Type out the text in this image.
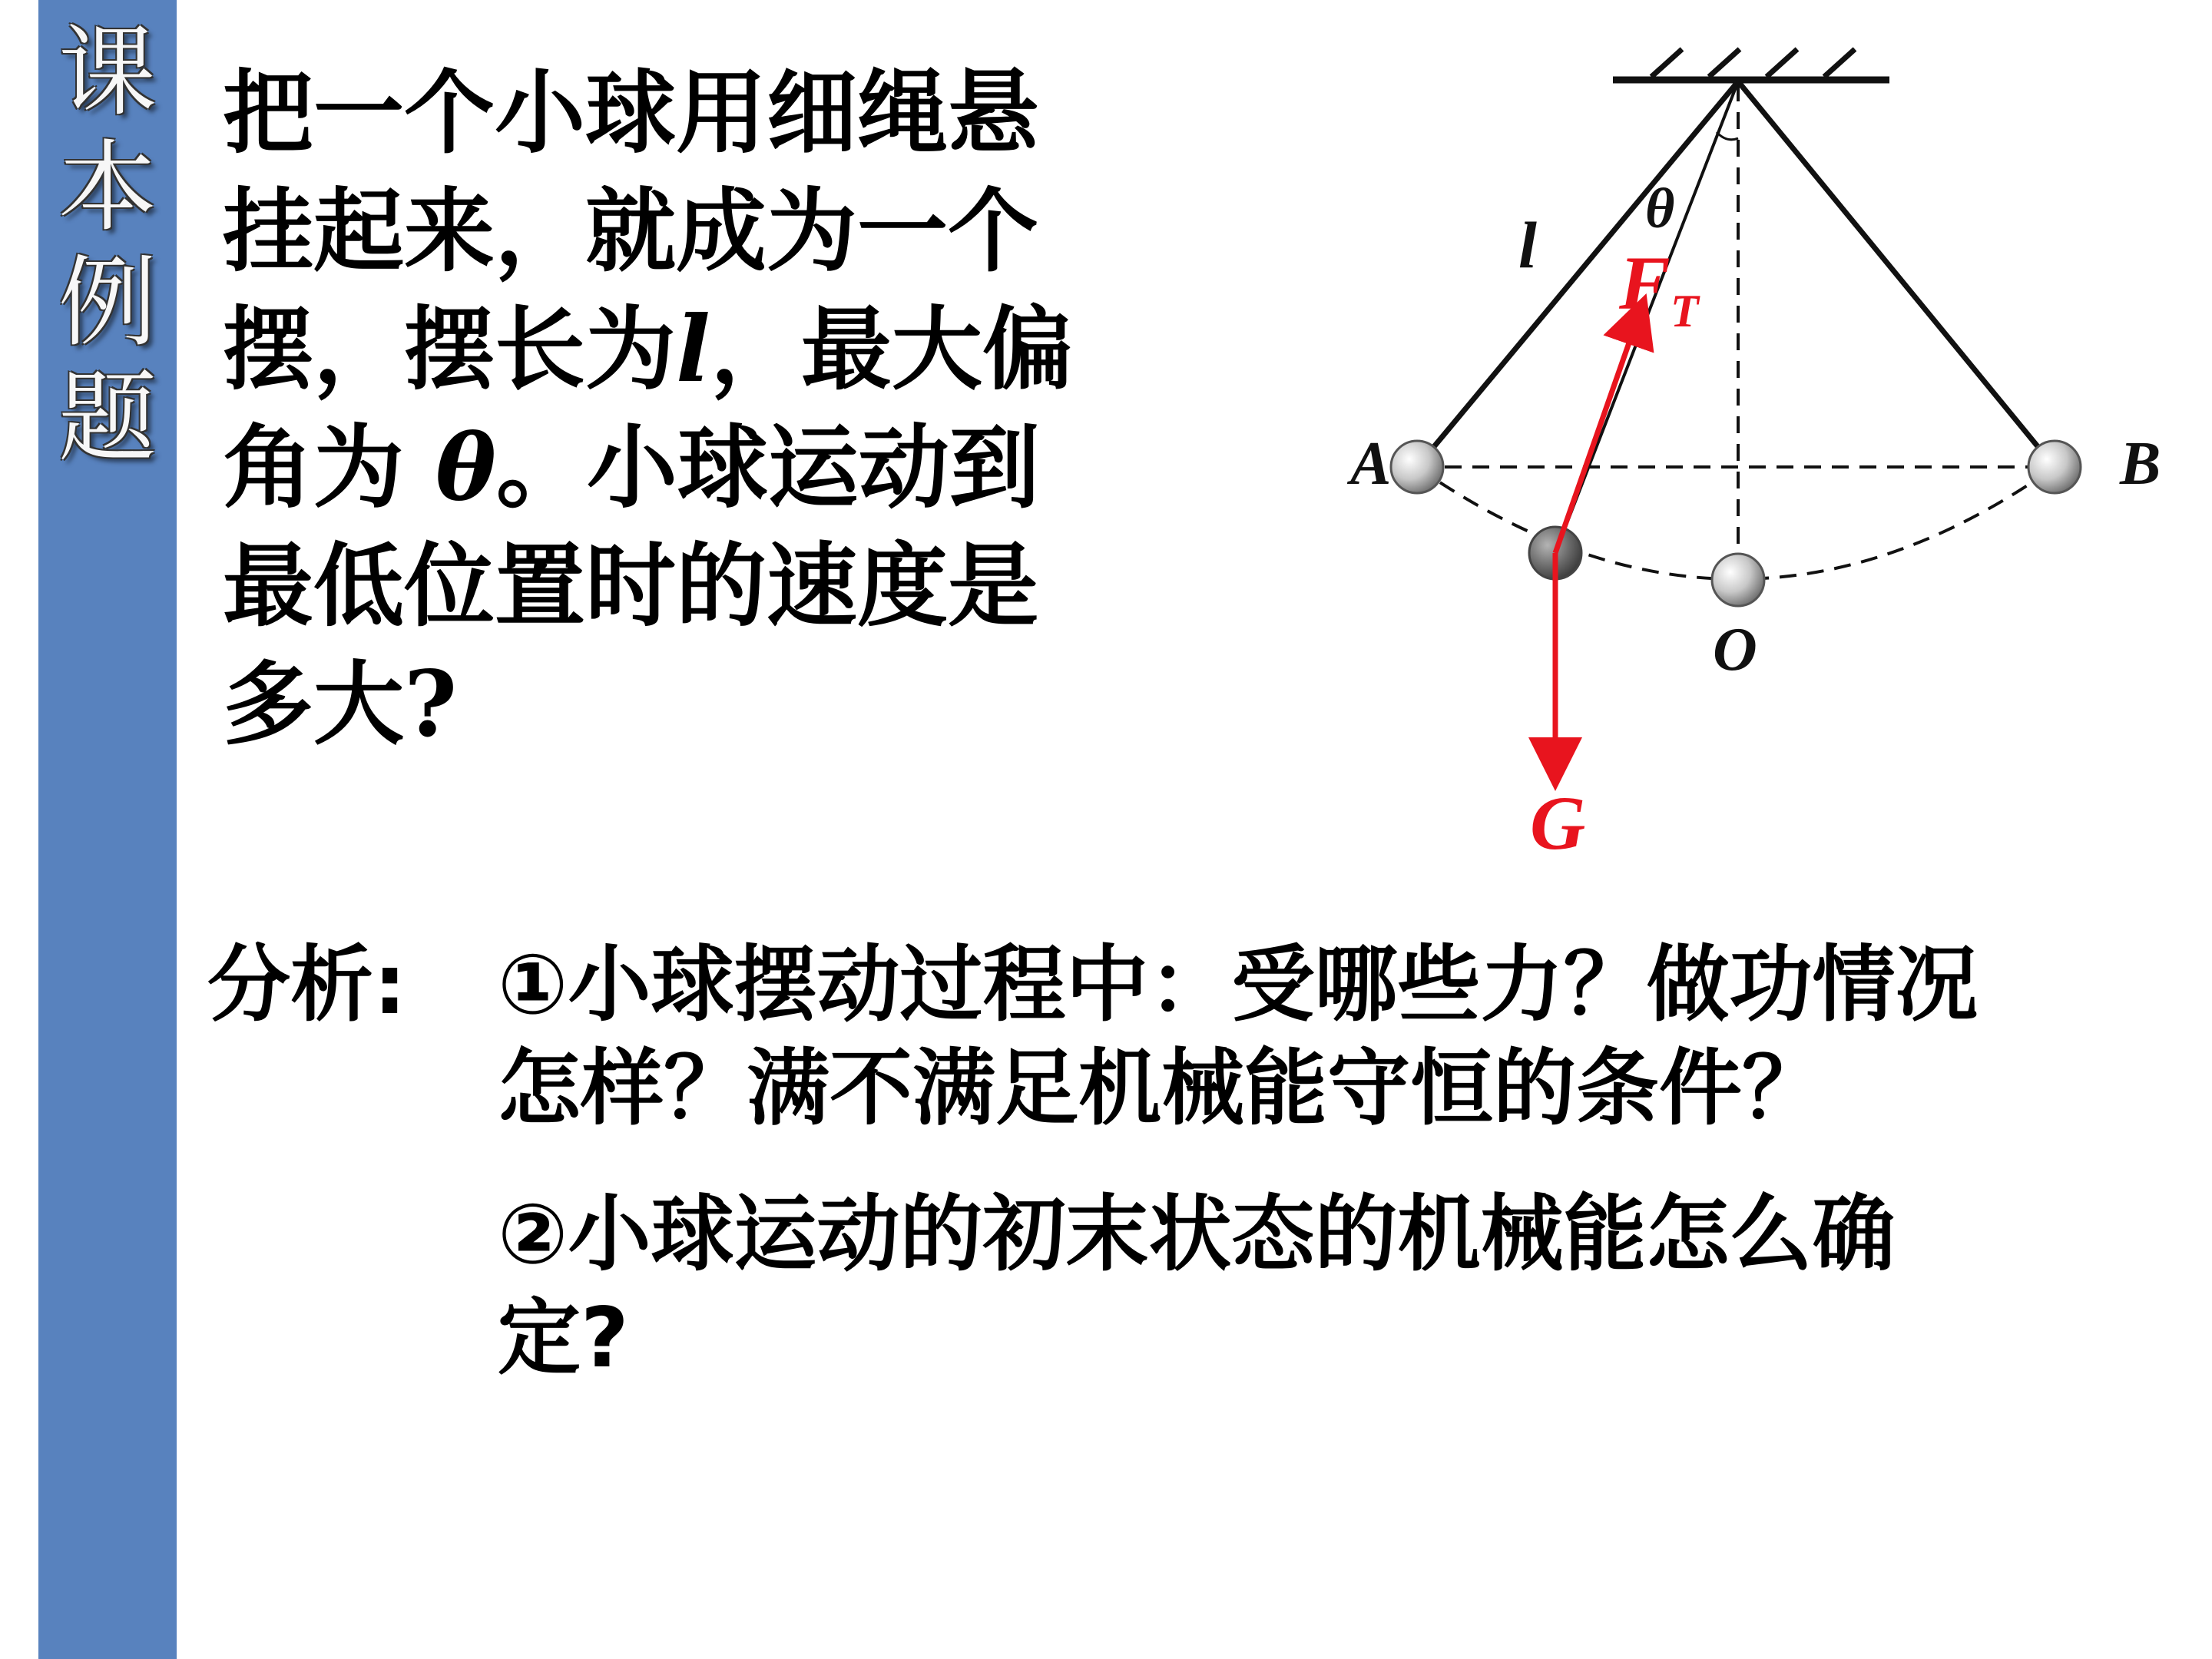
课
本
例
题
把一个小球用细绳悬
挂起来，就成为一个
摆，摆长为l，最大偏
角为 θ。小球运动到
最低位置时的速度是
多大?
l θ
F T
A	B
O
G
分析: ①小球摆动过程中：受哪些力？做功情况
怎样？满不满足机械能守恒的条件？
②小球运动的初末状态的机械能怎么确
定?
